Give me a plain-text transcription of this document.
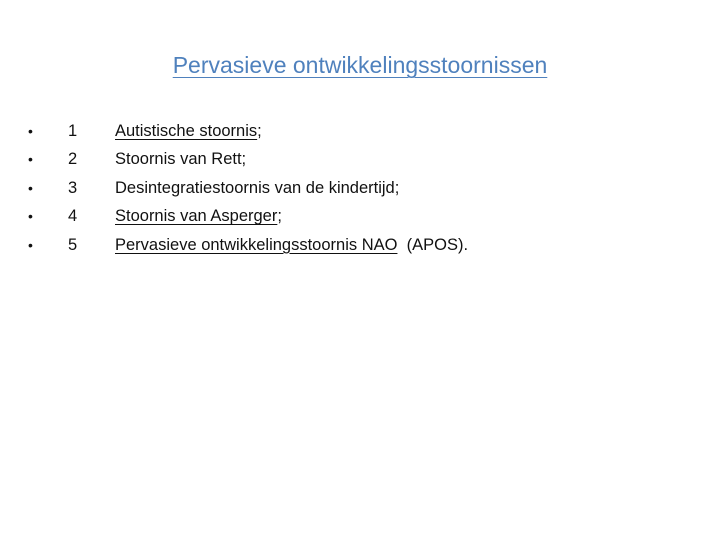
Pervasieve ontwikkelingsstoornissen
•	1	Autistische stoornis;
•	2	Stoornis van Rett;
•	3	Desintegratiestoornis van de kindertijd;
•	4	Stoornis van Asperger;
•	5	Pervasieve ontwikkelingsstoornis NAO  (APOS).
